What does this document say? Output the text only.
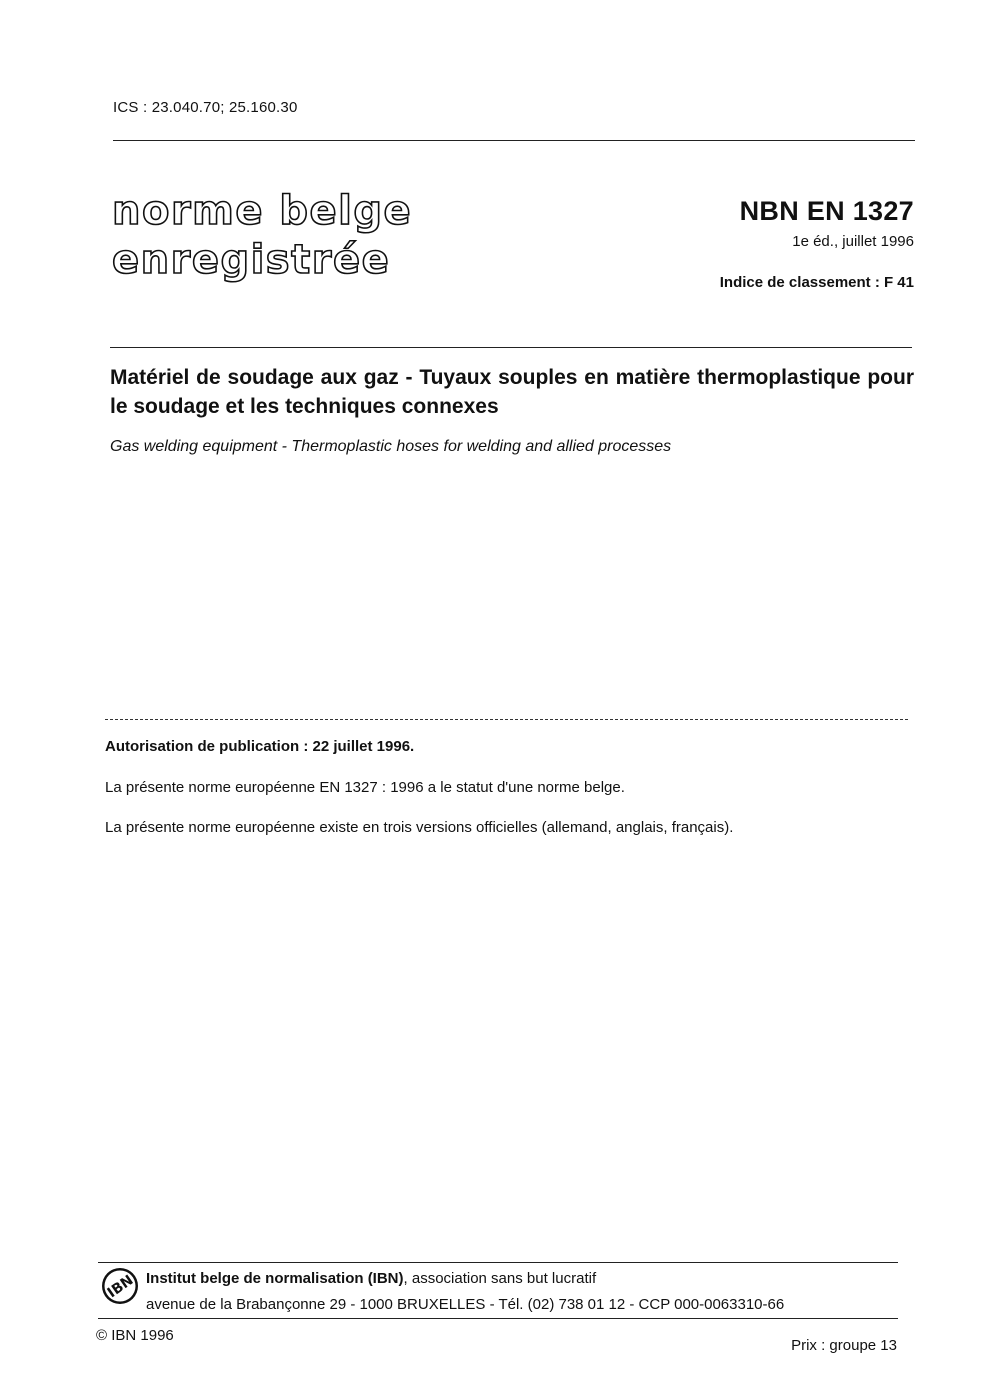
ICS : 23.040.70; 25.160.30
norme belge
enregistrée
NBN EN 1327
1e éd., juillet 1996
Indice de classement : F 41
Matériel de soudage aux gaz - Tuyaux souples en matière thermoplastique pour le soudage et les techniques connexes
Gas welding equipment - Thermoplastic hoses for welding and allied processes
Autorisation de publication : 22 juillet 1996.
La présente norme européenne EN 1327 : 1996 a le statut d'une norme belge.
La présente norme européenne existe en trois versions officielles (allemand, anglais, français).
IBN Institut belge de normalisation (IBN), association sans but lucratif
avenue de la Brabançonne 29 - 1000 BRUXELLES - Tél. (02) 738 01 12 - CCP 000-0063310-66
© IBN 1996
Prix : groupe 13
